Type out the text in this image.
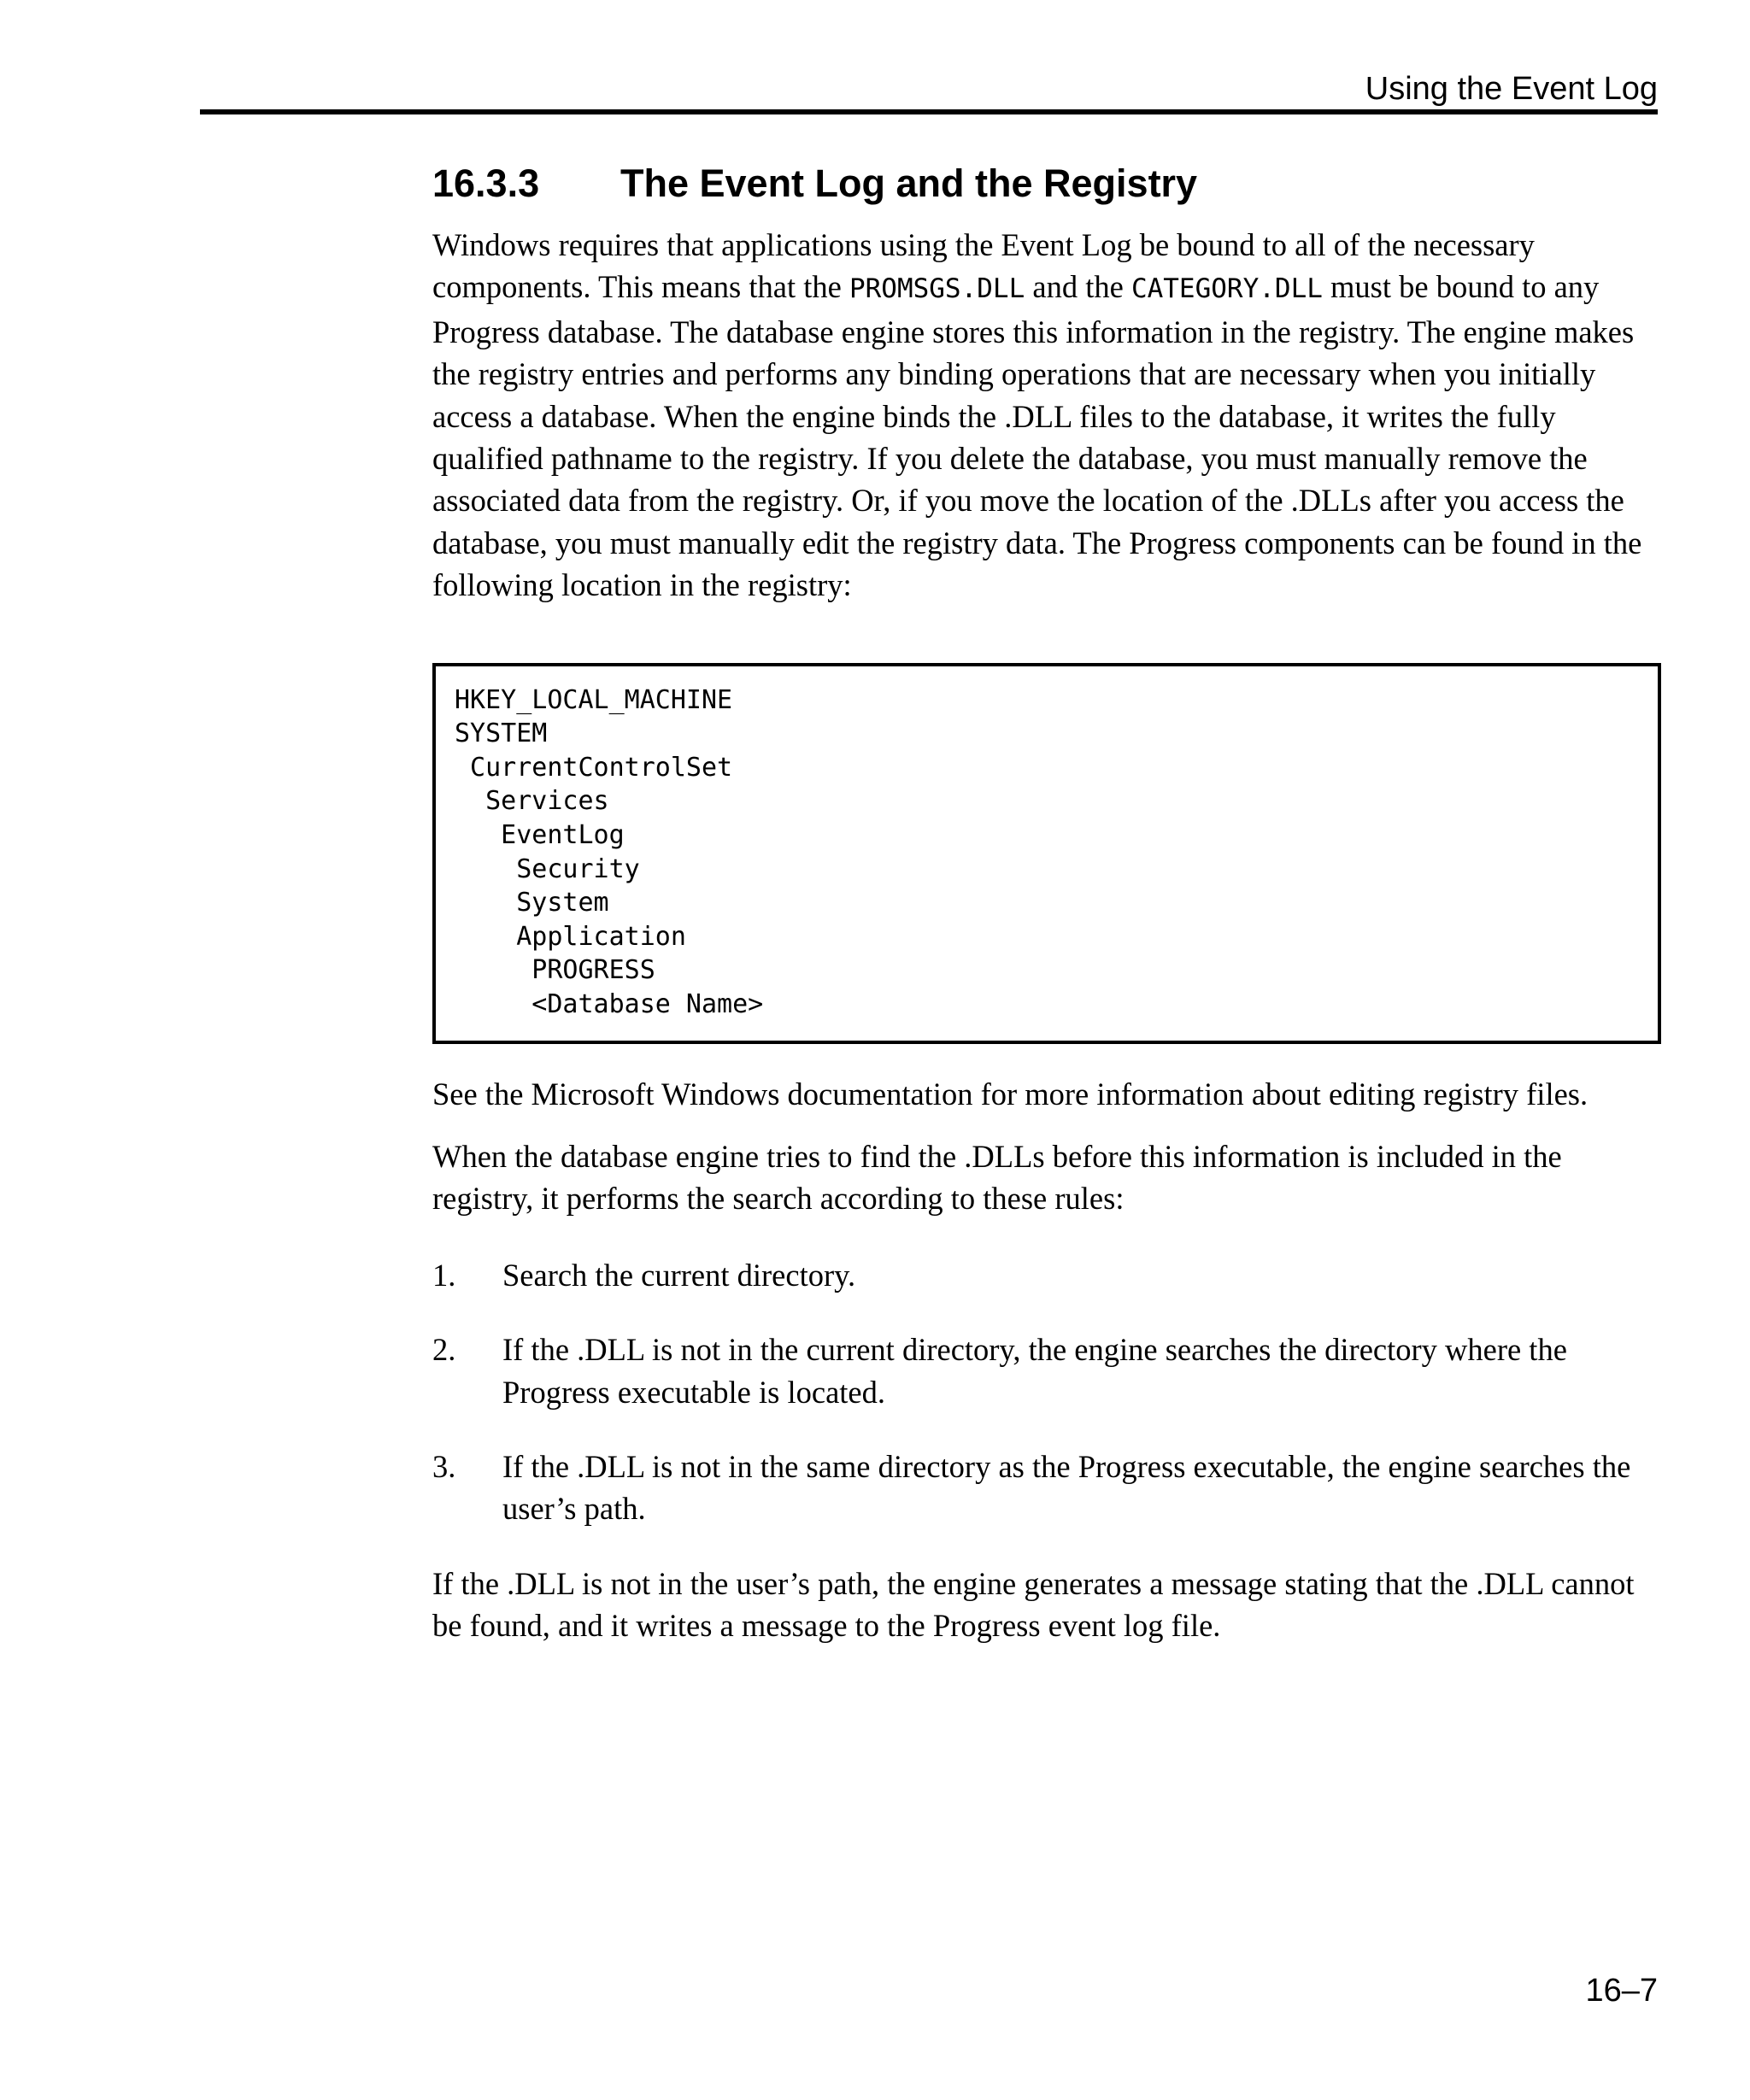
Using the Event Log
16.3.3 The Event Log and the Registry

Windows requires that applications using the Event Log be bound to all of the necessary components. This means that the PROMSGS.DLL and the CATEGORY.DLL must be bound to any Progress database. The database engine stores this information in the registry. The engine makes the registry entries and performs any binding operations that are necessary when you initially access a database. When the engine binds the .DLL files to the database, it writes the fully qualified pathname to the registry. If you delete the database, you must manually remove the associated data from the registry. Or, if you move the location of the .DLLs after you access the database, you must manually edit the registry data. The Progress components can be found in the following location in the registry:

HKEY_LOCAL_MACHINE
SYSTEM
CurrentControlSet
Services
EventLog
Security
System
Application
PROGRESS
<Database Name>

See the Microsoft Windows documentation for more information about editing registry files.

When the database engine tries to find the .DLLs before this information is included in the registry, it performs the search according to these rules:

1.	Search the current directory.
2.	If the .DLL is not in the current directory, the engine searches the directory where the Progress executable is located.
3.	If the .DLL is not in the same directory as the Progress executable, the engine searches the user’s path.

If the .DLL is not in the user’s path, the engine generates a message stating that the .DLL cannot be found, and it writes a message to the Progress event log file.

16–7
